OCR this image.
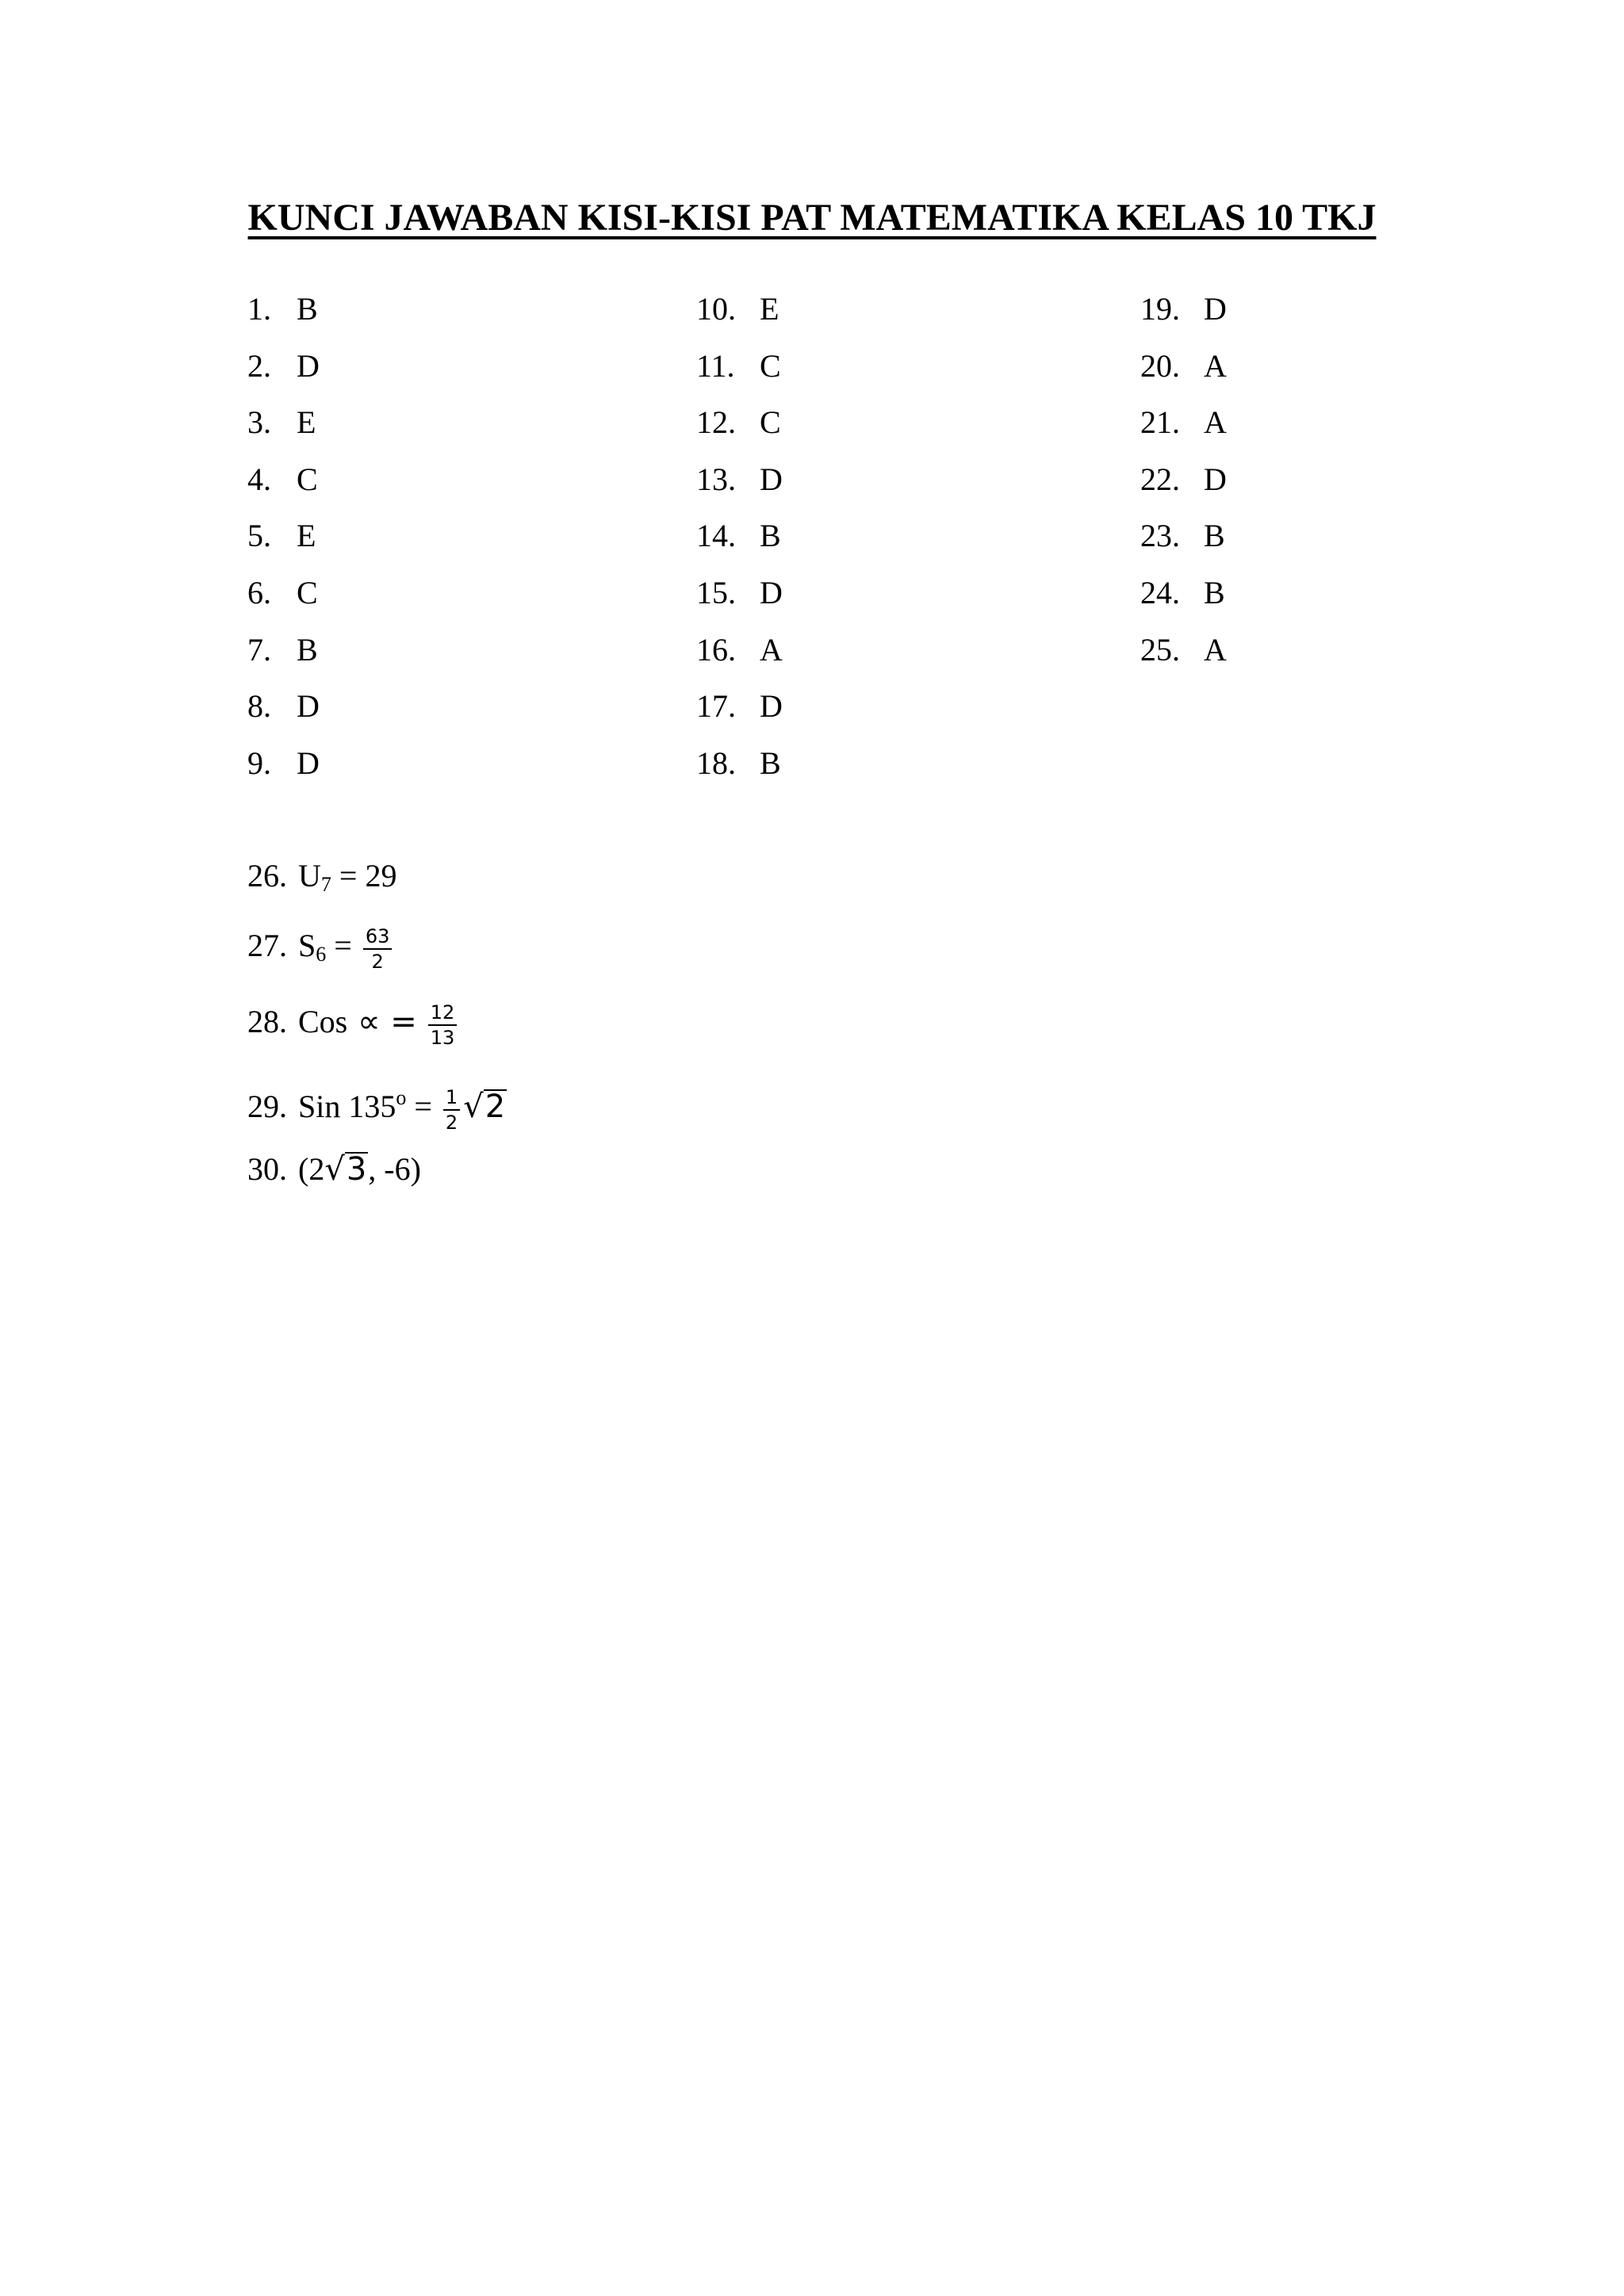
KUNCI JAWABAN KISI-KISI PAT MATEMATIKA KELAS 10 TKJ
1. B
2. D
3. E
4. C
5. E
6. C
7. B
8. D
9. D
10. E
11. C
12. C
13. D
14. B
15. D
16. A
17. D
18. B
19. D
20. A
21. A
22. D
23. B
24. B
25. A
26. $U_7 = 29$
27. $S_6 = \frac{63}{2}$
28. Cos ∝ = $\frac{12}{13}$
29. Sin $135^o = \frac{1}{2} √2$
30. (2√3, -6)
